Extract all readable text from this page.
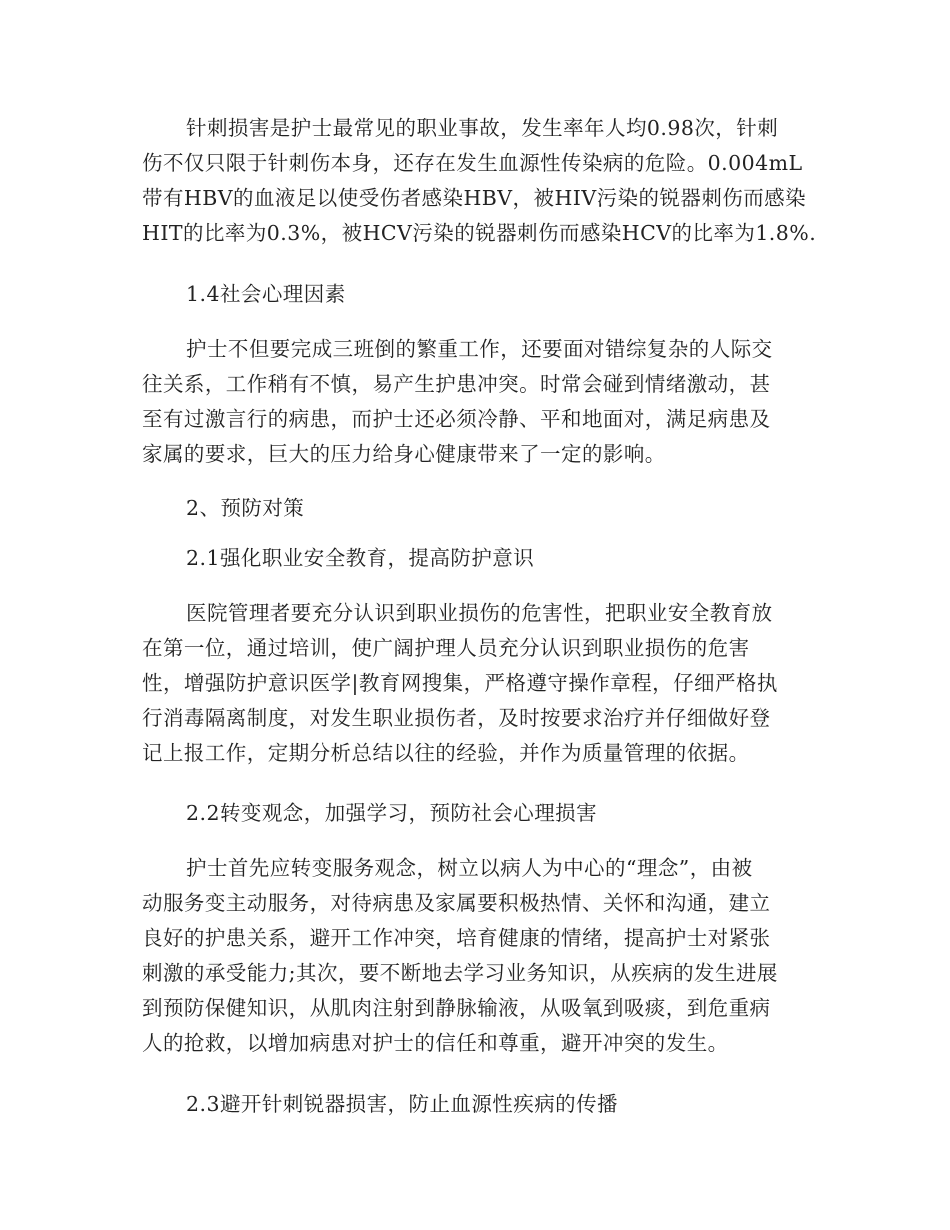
针刺损害是护士最常见的职业事故，发生率年人均0.98次，针刺
伤不仅只限于针刺伤本身，还存在发生血源性传染病的危险。0.004mL
带有HBV的血液足以使受伤者感染HBV，被HIV污染的锐器刺伤而感染
HIT的比率为0.3%，被HCV污染的锐器刺伤而感染HCV的比率为1.8%.
1.4社会心理因素
护士不但要完成三班倒的繁重工作，还要面对错综复杂的人际交
往关系，工作稍有不慎，易产生护患冲突。时常会碰到情绪激动，甚
至有过激言行的病患，而护士还必须冷静、平和地面对，满足病患及
家属的要求，巨大的压力给身心健康带来了一定的影响。
2、预防对策
2.1强化职业安全教育，提高防护意识
医院管理者要充分认识到职业损伤的危害性，把职业安全教育放
在第一位，通过培训，使广阔护理人员充分认识到职业损伤的危害
性，增强防护意识医学|教育网搜集，严格遵守操作章程，仔细严格执
行消毒隔离制度，对发生职业损伤者，及时按要求治疗并仔细做好登
记上报工作，定期分析总结以往的经验，并作为质量管理的依据。
2.2转变观念，加强学习，预防社会心理损害
护士首先应转变服务观念，树立以病人为中心的“理念”，由被
动服务变主动服务，对待病患及家属要积极热情、关怀和沟通，建立
良好的护患关系，避开工作冲突，培育健康的情绪，提高护士对紧张
刺激的承受能力;其次，要不断地去学习业务知识，从疾病的发生进展
到预防保健知识，从肌肉注射到静脉输液，从吸氧到吸痰，到危重病
人的抢救，以增加病患对护士的信任和尊重，避开冲突的发生。
2.3避开针刺锐器损害，防止血源性疾病的传播
